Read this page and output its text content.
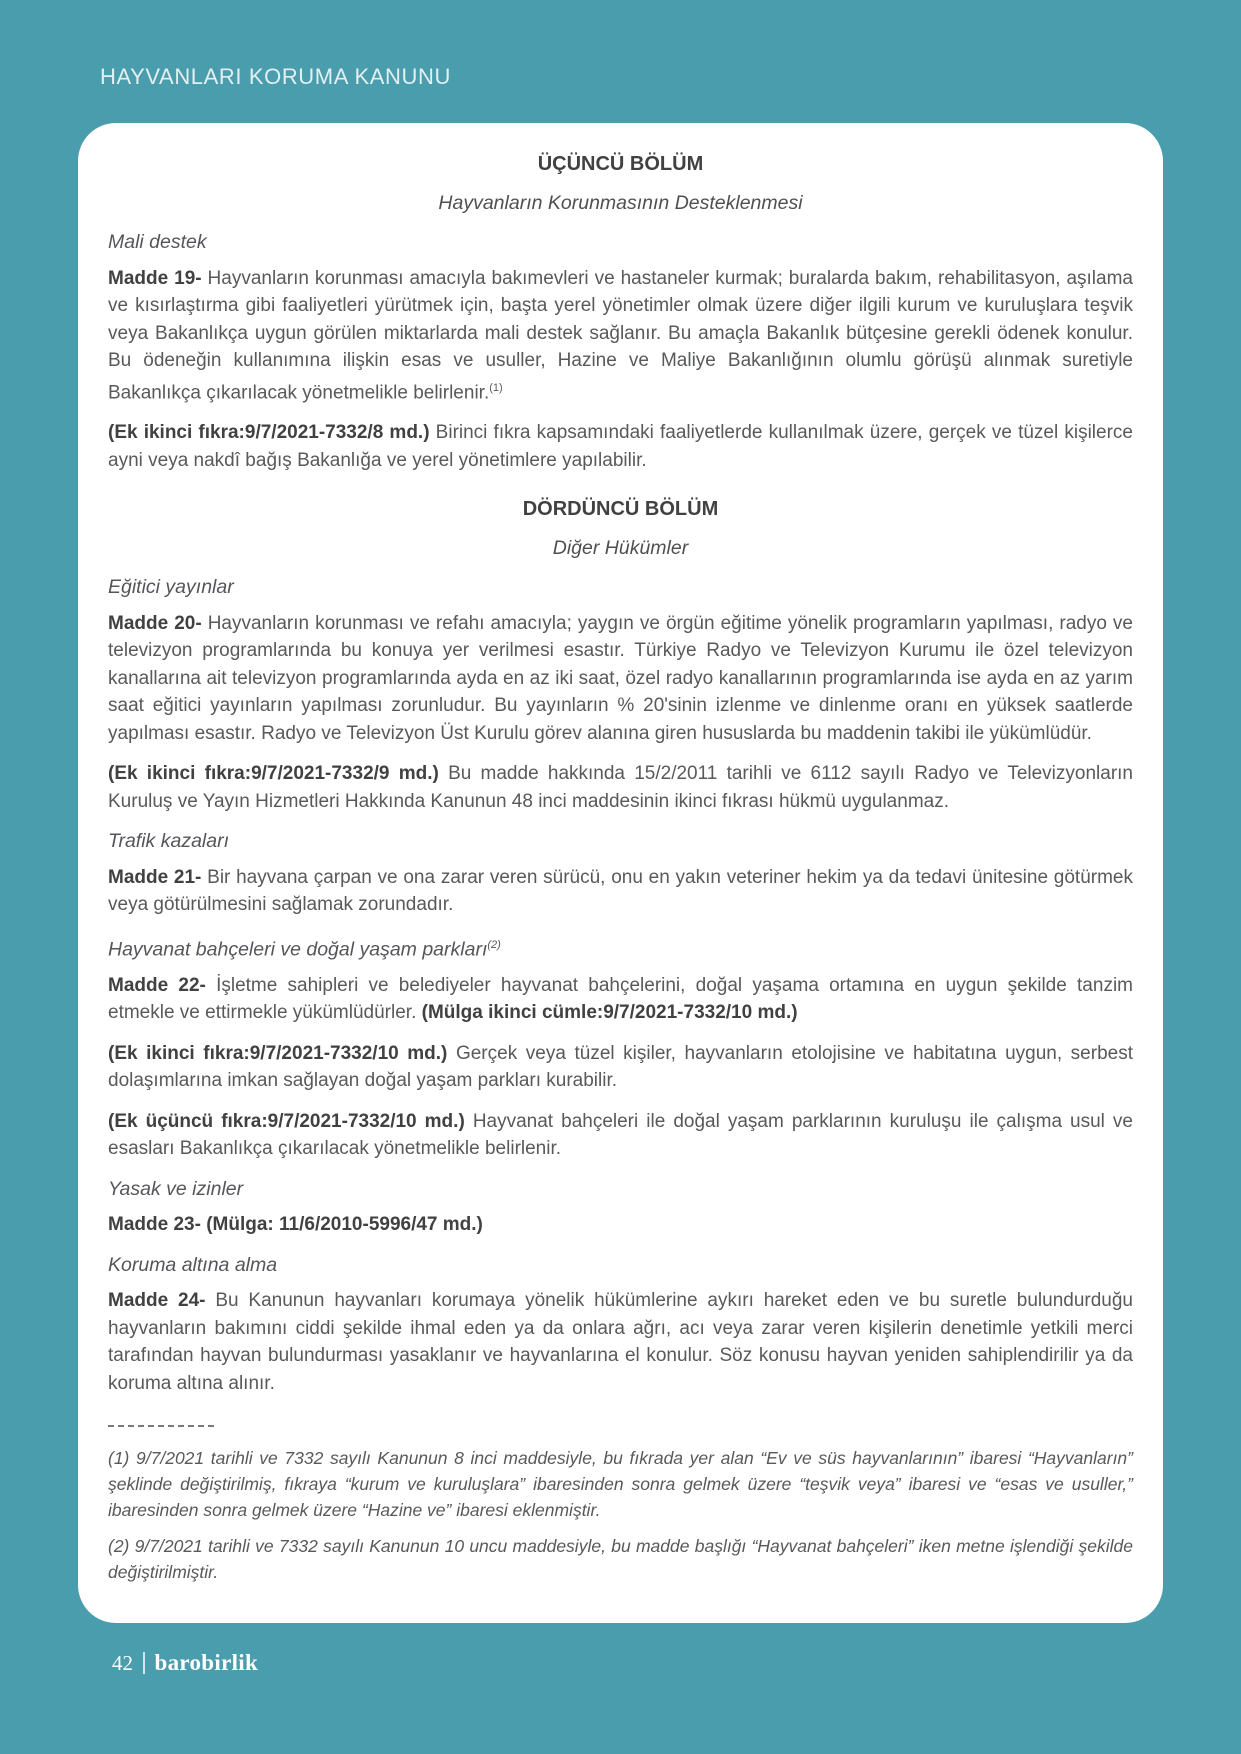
HAYVANLARI KORUMA KANUNU
ÜÇÜNCÜ BÖLÜM
Hayvanların Korunmasının Desteklenmesi
Mali destek

Madde 19- Hayvanların korunması amacıyla bakımevleri ve hastaneler kurmak; buralarda bakım, rehabilitasyon, aşılama ve kısırlaştırma gibi faaliyetleri yürütmek için, başta yerel yönetimler olmak üzere diğer ilgili kurum ve kuruluşlara teşvik veya Bakanlıkça uygun görülen miktarlarda mali destek sağlanır. Bu amaçla Bakanlık bütçesine gerekli ödenek konulur. Bu ödeneğin kullanımına ilişkin esas ve usuller, Hazine ve Maliye Bakanlığının olumlu görüşü alınmak suretiyle Bakanlıkça çıkarılacak yönetmelikle belirlenir.$^{(1)}$

(Ek ikinci fıkra:9/7/2021-7332/8 md.) Birinci fıkra kapsamındaki faaliyetlerde kullanılmak üzere, gerçek ve tüzel kişilerce ayni veya nakdî bağış Bakanlığa ve yerel yönetimlere yapılabilir.

DÖRDÜNCÜ BÖLÜM
Diğer Hükümler
Eğitici yayınlar

Madde 20- Hayvanların korunması ve refahı amacıyla; yaygın ve örgün eğitime yönelik programların yapılması, radyo ve televizyon programlarında bu konuya yer verilmesi esastır. Türkiye Radyo ve Televizyon Kurumu ile özel televizyon kanallarına ait televizyon programlarında ayda en az iki saat, özel radyo kanallarının programlarında ise ayda en az yarım saat eğitici yayınların yapılması zorunludur. Bu yayınların % 20'sinin izlenme ve dinlenme oranı en yüksek saatlerde yapılması esastır. Radyo ve Televizyon Üst Kurulu görev alanına giren hususlarda bu maddenin takibi ile yükümlüdür.

(Ek ikinci fıkra:9/7/2021-7332/9 md.) Bu madde hakkında 15/2/2011 tarihli ve 6112 sayılı Radyo ve Televizyonların Kuruluş ve Yayın Hizmetleri Hakkında Kanunun 48 inci maddesinin ikinci fıkrası hükmü uygulanmaz.

Trafik kazaları

Madde 21- Bir hayvana çarpan ve ona zarar veren sürücü, onu en yakın veteriner hekim ya da tedavi ünitesine götürmek veya götürülmesini sağlamak zorundadır.

Hayvanat bahçeleri ve doğal yaşam parkları$^{(2)}$

Madde 22- İşletme sahipleri ve belediyeler hayvanat bahçelerini, doğal yaşama ortamına en uygun şekilde tanzim etmekle ve ettirmekle yükümlüdürler. (Mülga ikinci cümle:9/7/2021-7332/10 md.)

(Ek ikinci fıkra:9/7/2021-7332/10 md.) Gerçek veya tüzel kişiler, hayvanların etolojisine ve habitatına uygun, serbest dolaşımlarına imkan sağlayan doğal yaşam parkları kurabilir.

(Ek üçüncü fıkra:9/7/2021-7332/10 md.) Hayvanat bahçeleri ile doğal yaşam parklarının kuruluşu ile çalışma usul ve esasları Bakanlıkça çıkarılacak yönetmelikle belirlenir.

Yasak ve izinler

Madde 23- (Mülga: 11/6/2010-5996/47 md.)

Koruma altına alma

Madde 24- Bu Kanunun hayvanları korumaya yönelik hükümlerine aykırı hareket eden ve bu suretle bulundurduğu hayvanların bakımını ciddi şekilde ihmal eden ya da onlara ağrı, acı veya zarar veren kişilerin denetimle yetkili merci tarafından hayvan bulundurması yasaklanır ve hayvanlarına el konulur. Söz konusu hayvan yeniden sahiplendirilir ya da koruma altına alınır.

(1) 9/7/2021 tarihli ve 7332 sayılı Kanunun 8 inci maddesiyle, bu fıkrada yer alan “Ev ve süs hayvanlarının” ibaresi “Hayvanların” şeklinde değiştirilmiş, fıkraya “kurum ve kuruluşlara” ibaresinden sonra gelmek üzere “teşvik veya” ibaresi ve “esas ve usuller,” ibaresinden sonra gelmek üzere “Hazine ve” ibaresi eklenmiştir.

(2) 9/7/2021 tarihli ve 7332 sayılı Kanunun 10 uncu maddesiyle, bu madde başlığı “Hayvanat bahçeleri” iken metne işlendiği şekilde değiştirilmiştir.

42 barobirlik
